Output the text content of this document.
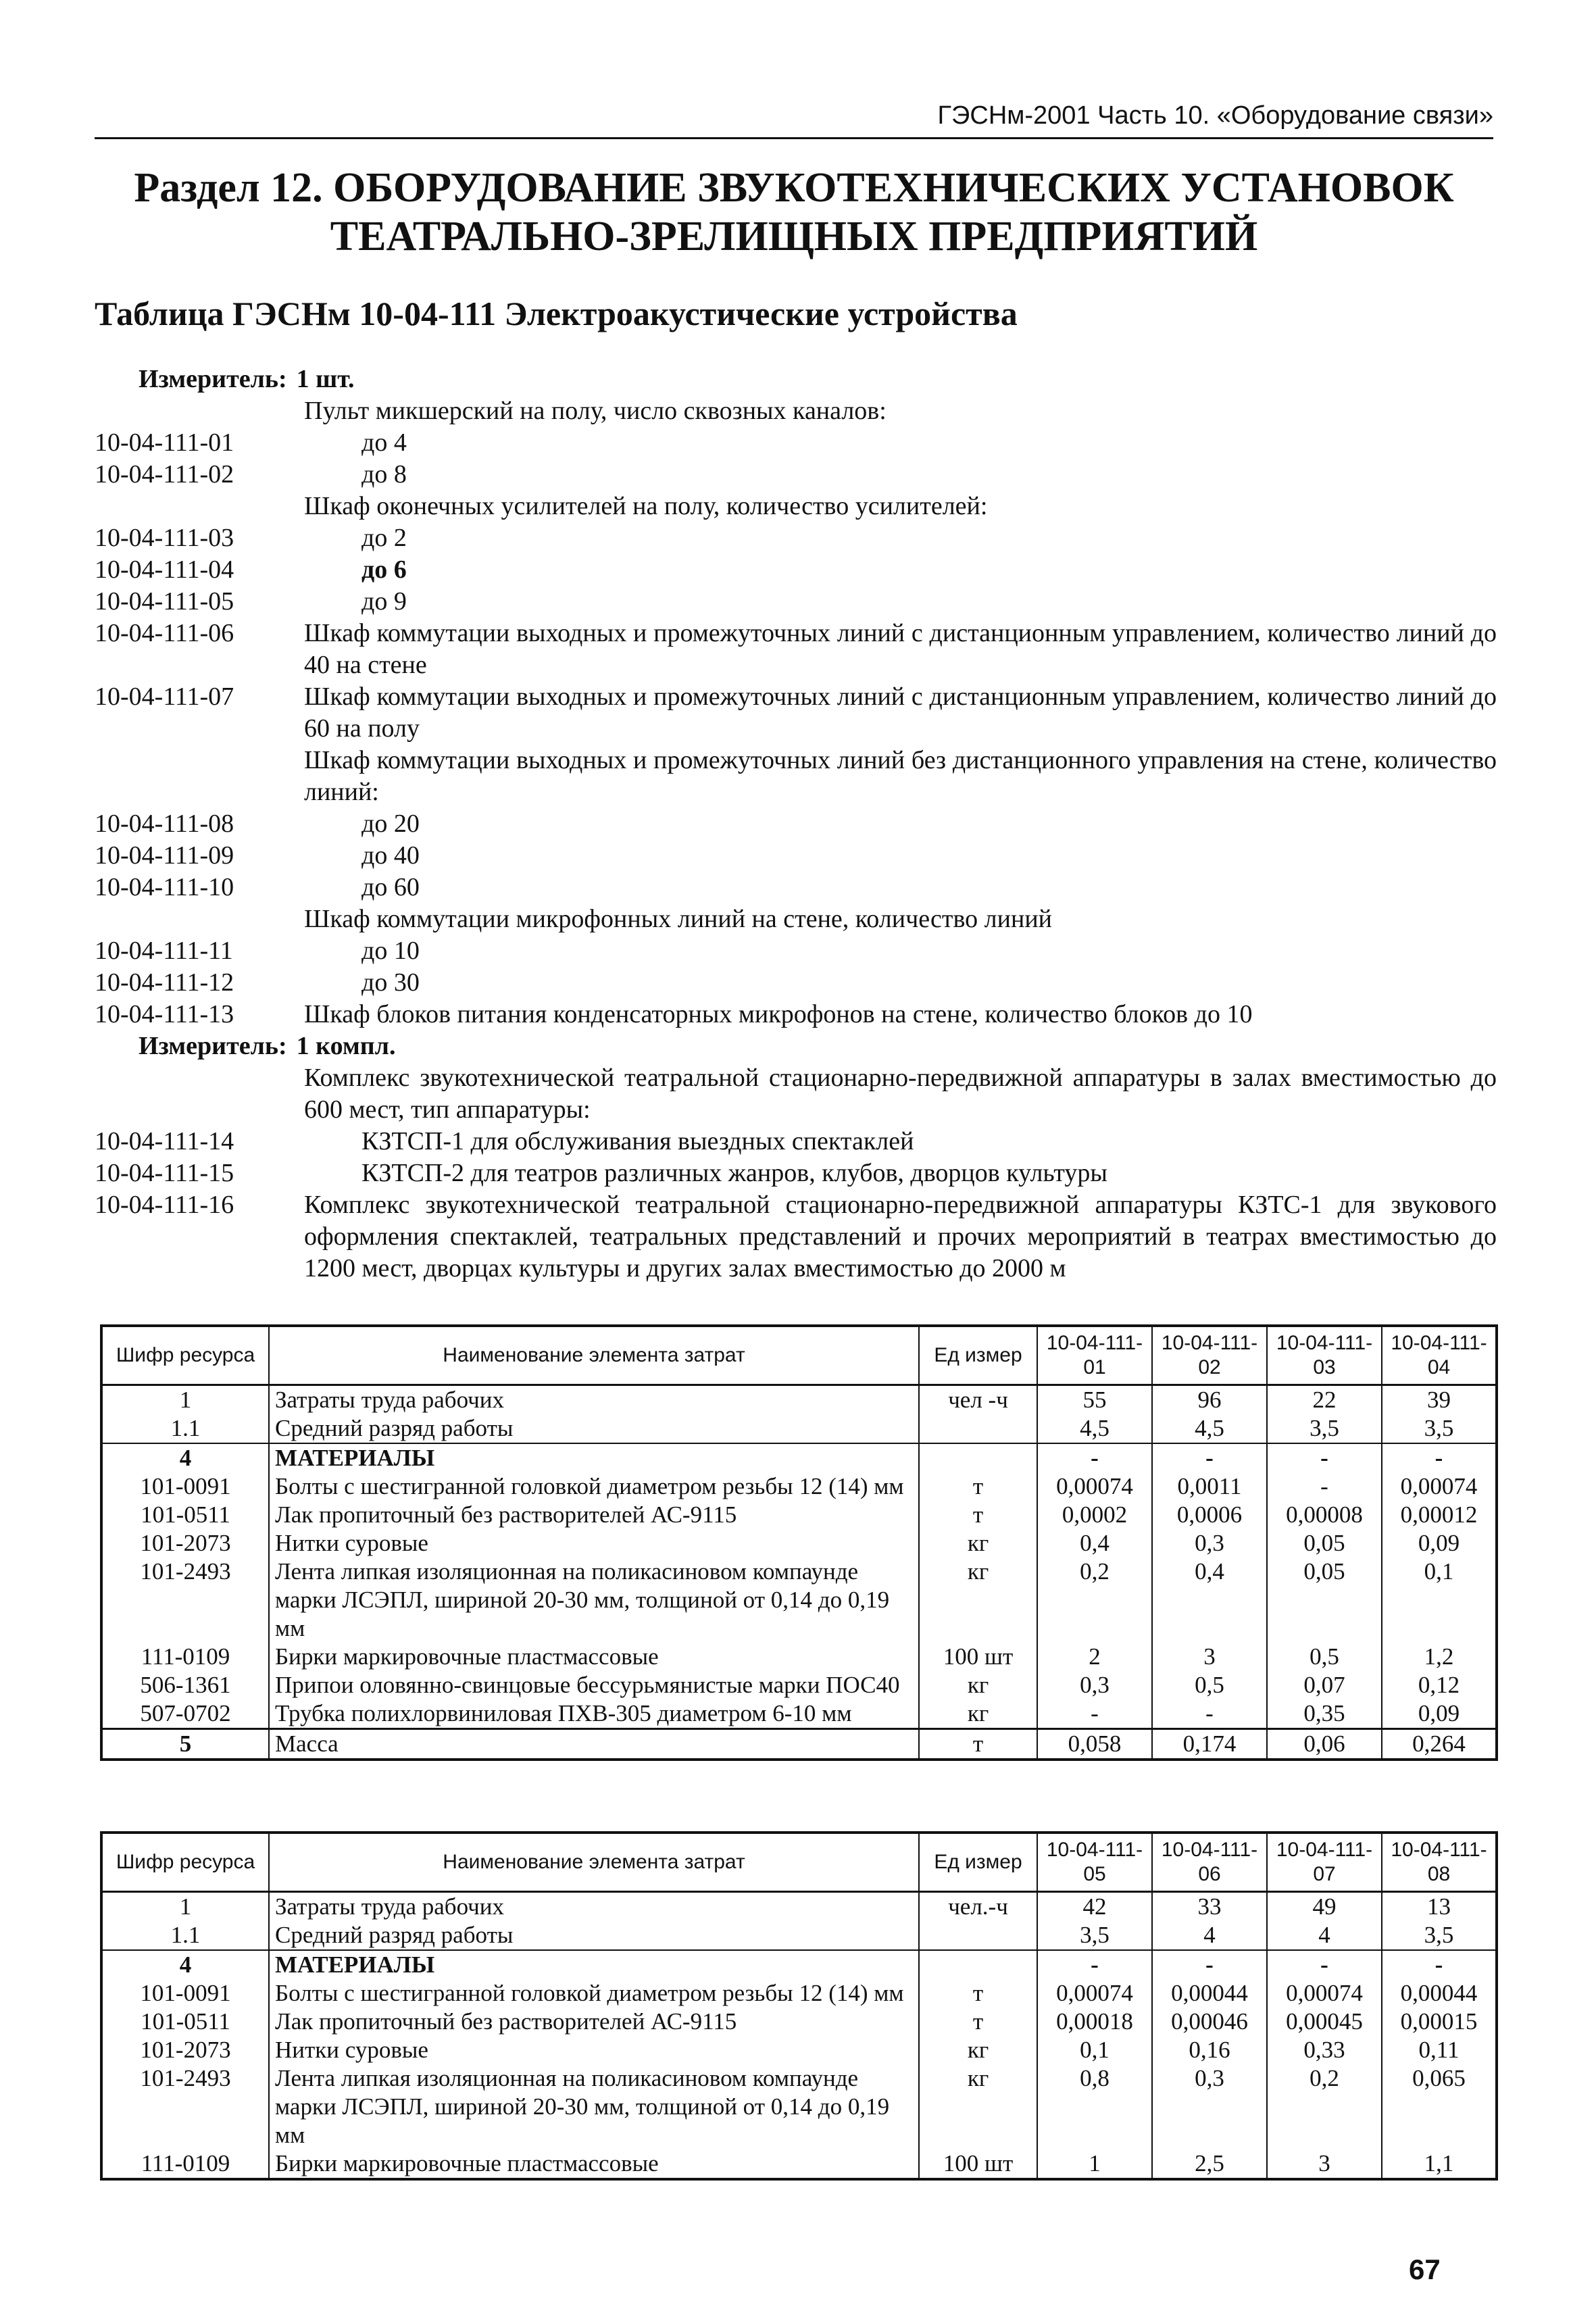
ГЭСНм-2001 Часть 10. «Оборудование связи»
Раздел 12. ОБОРУДОВАНИЕ ЗВУКОТЕХНИЧЕСКИХ УСТАНОВОК
ТЕАТРАЛЬНО-ЗРЕЛИЩНЫХ ПРЕДПРИЯТИЙ
Таблица ГЭСНм 10-04-111 Электроакустические устройства
Измеритель: 1 шт.
Пульт микшерский на полу, число сквозных каналов:
10-04-111-01	до 4
10-04-111-02	до 8
Шкаф оконечных усилителей на полу, количество усилителей:
10-04-111-03	до 2
10-04-111-04	до 6
10-04-111-05	до 9
10-04-111-06	Шкаф коммутации выходных и промежуточных линий с дистанционным управлением, количество линий до 40 на стене
10-04-111-07	Шкаф коммутации выходных и промежуточных линий с дистанционным управлением, количество линий до 60 на полу
Шкаф коммутации выходных и промежуточных линий без дистанционного управления на стене, количество линий:
10-04-111-08	до 20
10-04-111-09	до 40
10-04-111-10	до 60
Шкаф коммутации микрофонных линий на стене, количество линий
10-04-111-11	до 10
10-04-111-12	до 30
10-04-111-13	Шкаф блоков питания конденсаторных микрофонов на стене, количество блоков до 10
Измеритель: 1 компл.
Комплекс звукотехнической театральной стационарно-передвижной аппаратуры в залах вместимостью до 600 мест, тип аппаратуры:
10-04-111-14	КЗТСП-1 для обслуживания выездных спектаклей
10-04-111-15	КЗТСП-2 для театров различных жанров, клубов, дворцов культуры
10-04-111-16	Комплекс звукотехнической театральной стационарно-передвижной аппаратуры КЗТС-1 для звукового оформления спектаклей, театральных представлений и прочих мероприятий в театрах вместимостью до 1200 мест, дворцах культуры и других залах вместимостью до 2000 м
Шифр ресурса	Наименование элемента затрат	Ед измер	10-04-111-01	10-04-111-02	10-04-111-03	10-04-111-04
1	Затраты труда рабочих	чел -ч	55	96	22	39
1.1	Средний разряд работы		4,5	4,5	3,5	3,5
4	МАТЕРИАЛЫ		-	-	-	-
101-0091	Болты с шестигранной головкой диаметром резьбы 12 (14) мм	т	0,00074	0,0011	-	0,00074
101-0511	Лак пропиточный без растворителей АС-9115	т	0,0002	0,0006	0,00008	0,00012
101-2073	Нитки суровые	кг	0,4	0,3	0,05	0,09
101-2493	Лента липкая изоляционная на поликасиновом компаунде марки ЛСЭПЛ, шириной 20-30 мм, толщиной от 0,14 до 0,19 мм	кг	0,2	0,4	0,05	0,1
111-0109	Бирки маркировочные пластмассовые	100 шт	2	3	0,5	1,2
506-1361	Припои оловянно-свинцовые бессурьмянистые марки ПОС40	кг	0,3	0,5	0,07	0,12
507-0702	Трубка полихлорвиниловая ПХВ-305 диаметром 6-10 мм	кг	-	-	0,35	0,09
5	Масса	т	0,058	0,174	0,06	0,264
Шифр ресурса	Наименование элемента затрат	Ед измер	10-04-111-05	10-04-111-06	10-04-111-07	10-04-111-08
1	Затраты труда рабочих	чел.-ч	42	33	49	13
1.1	Средний разряд работы		3,5	4	4	3,5
4	МАТЕРИАЛЫ		-	-	-	-
101-0091	Болты с шестигранной головкой диаметром резьбы 12 (14) мм	т	0,00074	0,00044	0,00074	0,00044
101-0511	Лак пропиточный без растворителей АС-9115	т	0,00018	0,00046	0,00045	0,00015
101-2073	Нитки суровые	кг	0,1	0,16	0,33	0,11
101-2493	Лента липкая изоляционная на поликасиновом компаунде марки ЛСЭПЛ, шириной 20-30 мм, толщиной от 0,14 до 0,19 мм	кг	0,8	0,3	0,2	0,065
111-0109	Бирки маркировочные пластмассовые	100 шт	1	2,5	3	1,1
67
